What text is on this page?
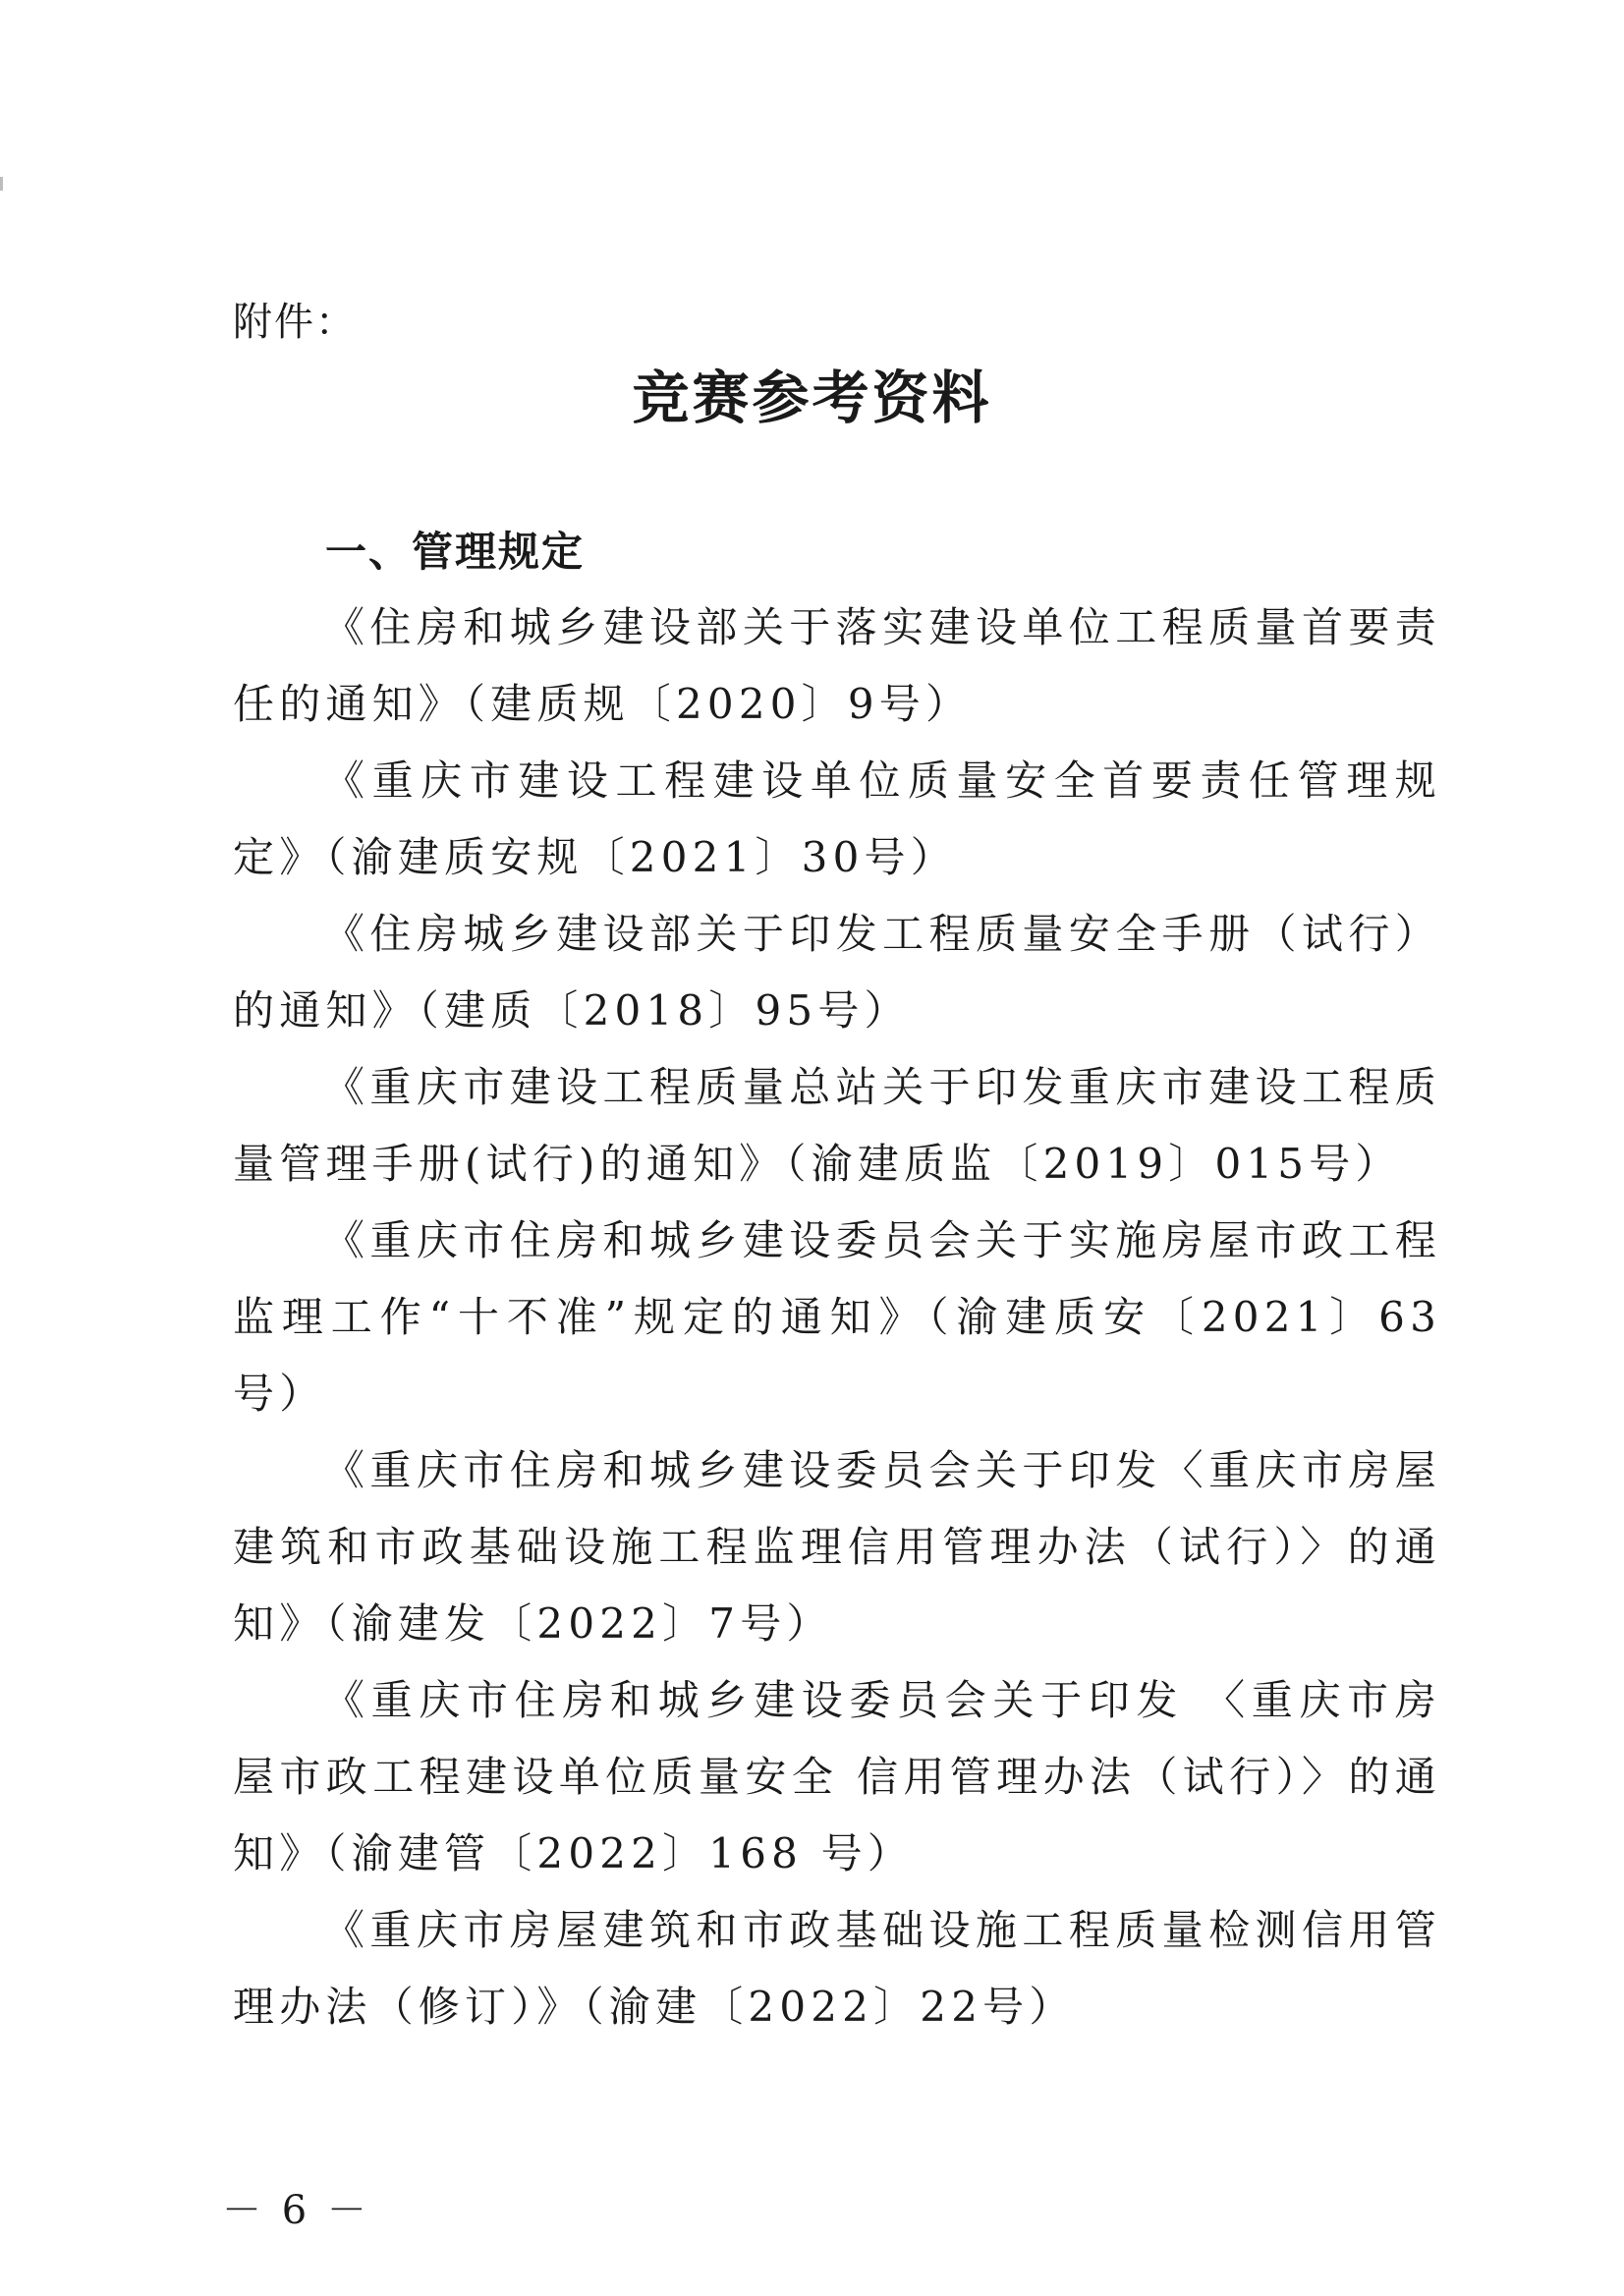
附件：
竞赛参考资料
一、管理规定
《住房和城乡建设部关于落实建设单位工程质量首要责任的通知》（建质规〔2020〕9号）
《重庆市建设工程建设单位质量安全首要责任管理规定》（渝建质安规〔2021〕30号）
《住房城乡建设部关于印发工程质量安全手册（试行）的通知》（建质〔2018〕95号）
《重庆市建设工程质量总站关于印发重庆市建设工程质量管理手册(试行)的通知》（渝建质监〔2019〕015号）
《重庆市住房和城乡建设委员会关于实施房屋市政工程监理工作“十不准”规定的通知》（渝建质安〔2021〕63号）
《重庆市住房和城乡建设委员会关于印发〈重庆市房屋建筑和市政基础设施工程监理信用管理办法（试行）〉的通知》（渝建发〔2022〕7号）
《重庆市住房和城乡建设委员会关于印发 〈重庆市房屋市政工程建设单位质量安全 信用管理办法（试行）〉的通知》（渝建管〔2022〕168 号）
《重庆市房屋建筑和市政基础设施工程质量检测信用管理办法（修订）》（渝建〔2022〕22号）
－ 6 －
